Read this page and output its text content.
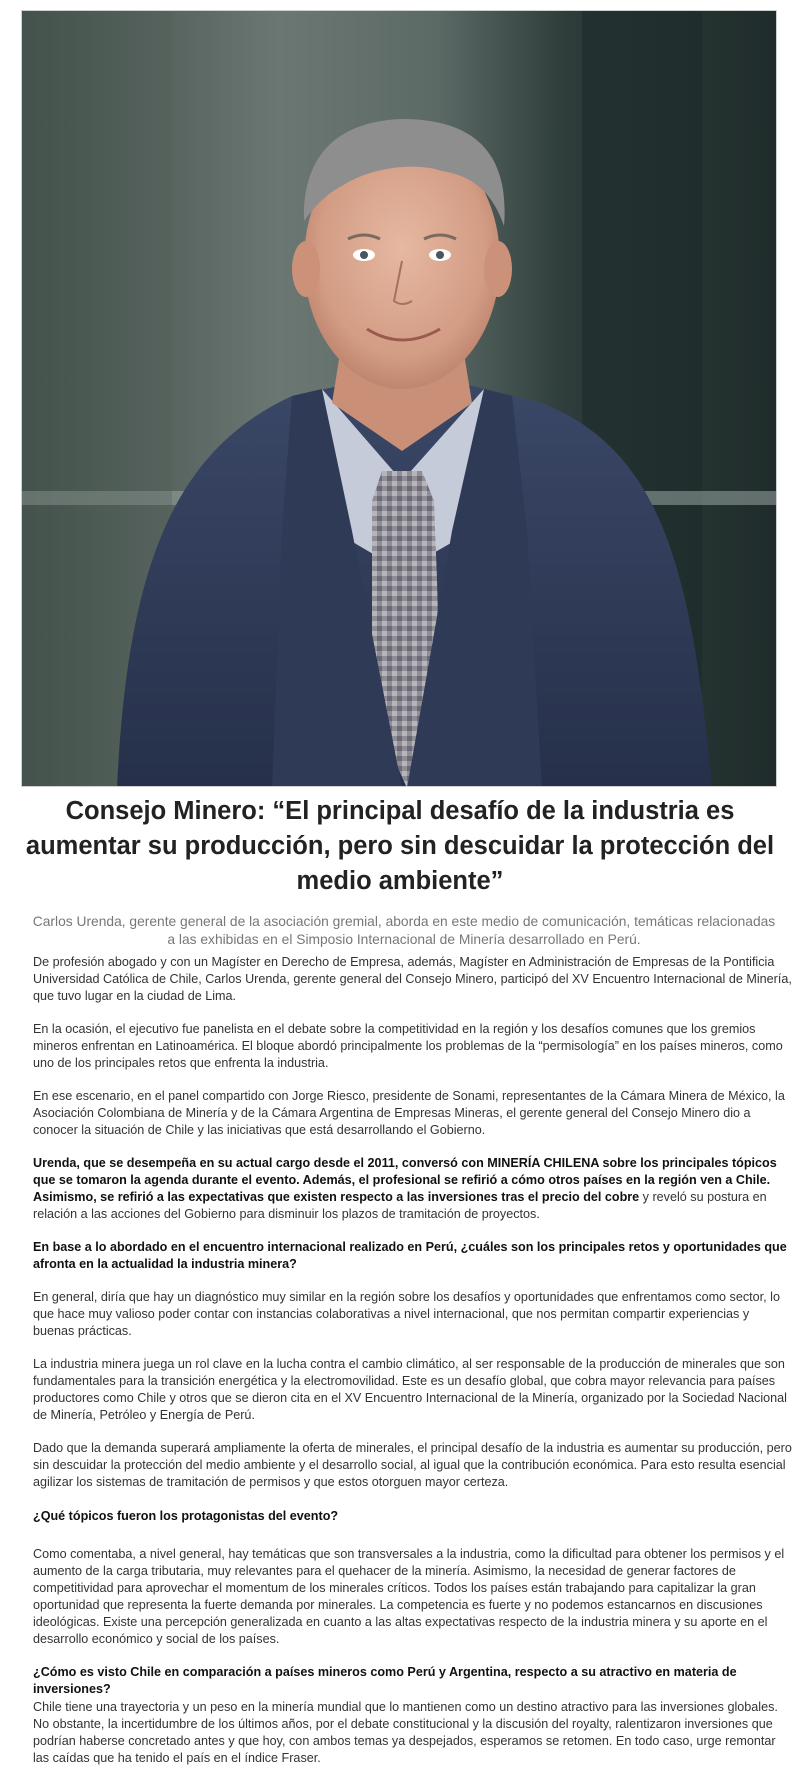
Consejo Minero: “El principal desafío de la industria es aumentar su producción, pero sin descuidar la protección del medio ambiente”

Carlos Urenda, gerente general de la asociación gremial, aborda en este medio de comunicación, temáticas relacionadas a las exhibidas en el Simposio Internacional de Minería desarrollado en Perú.

De profesión abogado y con un Magíster en Derecho de Empresa, además, Magíster en Administración de Empresas de la Pontificia Universidad Católica de Chile, Carlos Urenda, gerente general del Consejo Minero, participó del XV Encuentro Internacional de Minería, que tuvo lugar en la ciudad de Lima.

En la ocasión, el ejecutivo fue panelista en el debate sobre la competitividad en la región y los desafíos comunes que los gremios mineros enfrentan en Latinoamérica. El bloque abordó principalmente los problemas de la “permisología” en los países mineros, como uno de los principales retos que enfrenta la industria.

En ese escenario, en el panel compartido con Jorge Riesco, presidente de Sonami, representantes de la Cámara Minera de México, la Asociación Colombiana de Minería y de la Cámara Argentina de Empresas Mineras, el gerente general del Consejo Minero dio a conocer la situación de Chile y las iniciativas que está desarrollando el Gobierno.

Urenda, que se desempeña en su actual cargo desde el 2011, conversó con MINERÍA CHILENA sobre los principales tópicos que se tomaron la agenda durante el evento. Además, el profesional se refirió a cómo otros países en la región ven a Chile. Asimismo, se refirió a las expectativas que existen respecto a las inversiones tras el precio del cobre y reveló su postura en relación a las acciones del Gobierno para disminuir los plazos de tramitación de proyectos.

En base a lo abordado en el encuentro internacional realizado en Perú, ¿cuáles son los principales retos y oportunidades que afronta en la actualidad la industria minera?

En general, diría que hay un diagnóstico muy similar en la región sobre los desafíos y oportunidades que enfrentamos como sector, lo que hace muy valioso poder contar con instancias colaborativas a nivel internacional, que nos permitan compartir experiencias y buenas prácticas.

La industria minera juega un rol clave en la lucha contra el cambio climático, al ser responsable de la producción de minerales que son fundamentales para la transición energética y la electromovilidad. Este es un desafío global, que cobra mayor relevancia para países productores como Chile y otros que se dieron cita en el XV Encuentro Internacional de la Minería, organizado por la Sociedad Nacional de Minería, Petróleo y Energía de Perú.

Dado que la demanda superará ampliamente la oferta de minerales, el principal desafío de la industria es aumentar su producción, pero sin descuidar la protección del medio ambiente y el desarrollo social, al igual que la contribución económica. Para esto resulta esencial agilizar los sistemas de tramitación de permisos y que estos otorguen mayor certeza.

¿Qué tópicos fueron los protagonistas del evento?

Como comentaba, a nivel general, hay temáticas que son transversales a la industria, como la dificultad para obtener los permisos y el aumento de la carga tributaria, muy relevantes para el quehacer de la minería. Asimismo, la necesidad de generar factores de competitividad para aprovechar el momentum de los minerales críticos. Todos los países están trabajando para capitalizar la gran oportunidad que representa la fuerte demanda por minerales. La competencia es fuerte y no podemos estancarnos en discusiones ideológicas. Existe una percepción generalizada en cuanto a las altas expectativas respecto de la industria minera y su aporte en el desarrollo económico y social de los países.

¿Cómo es visto Chile en comparación a países mineros como Perú y Argentina, respecto a su atractivo en materia de inversiones?

Chile tiene una trayectoria y un peso en la minería mundial que lo mantienen como un destino atractivo para las inversiones globales. No obstante, la incertidumbre de los últimos años, por el debate constitucional y la discusión del royalty, ralentizaron inversiones que podrían haberse concretado antes y que hoy, con ambos temas ya despejados, esperamos se retomen. En todo caso, urge remontar las caídas que ha tenido el país en el índice Fraser.
